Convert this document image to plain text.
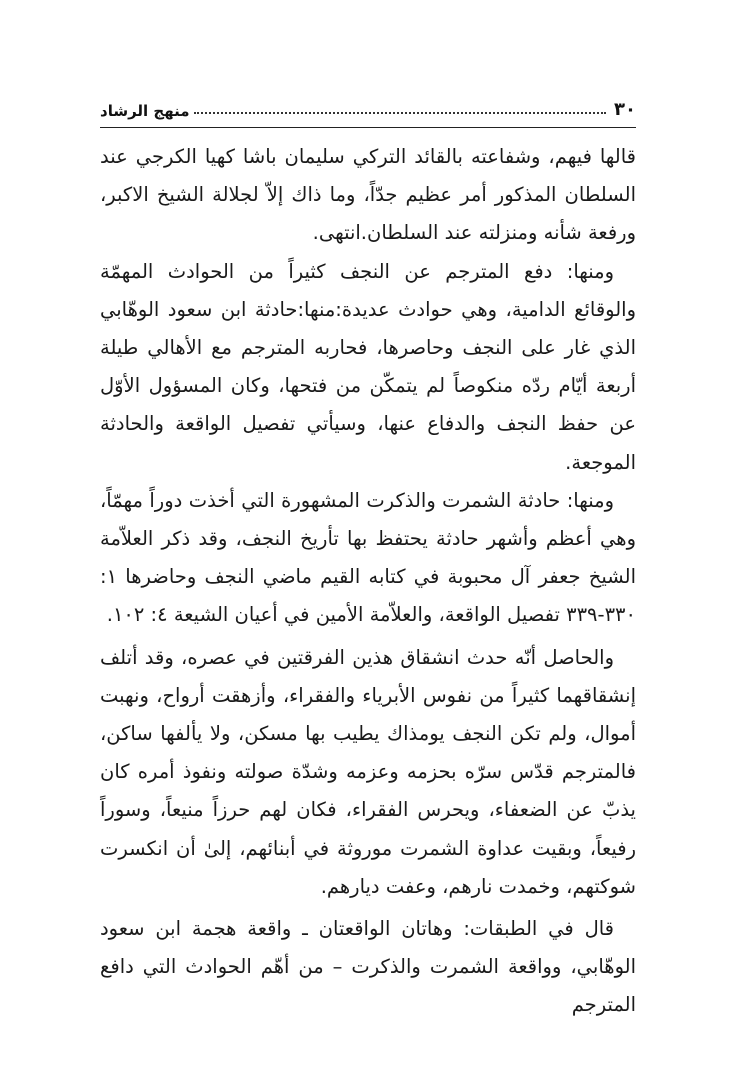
٣٠
منهج الرشاد

قالها فيهم، وشفاعته بالقائد التركي سليمان باشا كهيا الكرجي عند السلطان المذكور أمر عظيم جدّاً، وما ذاك إلاّ لجلالة الشيخ الاكبر، ورفعة شأنه ومنزلته عند السلطان.انتهى.

ومنها: دفع المترجم عن النجف كثيراً من الحوادث المهمّة والوقائع الدامية، وهي حوادث عديدة:منها:حادثة ابن سعود الوهّابي الذي غار على النجف وحاصرها، فحاربه المترجم مع الأهالي طيلة أربعة أيّام ردّه منكوصاً لم يتمكّن من فتحها، وكان المسؤول الأوّل عن حفظ النجف والدفاع عنها، وسيأتي تفصيل الواقعة والحادثة الموجعة.

ومنها: حادثة الشمرت والذكرت المشهورة التي أخذت دوراً مهمّاً، وهي أعظم وأشهر حادثة يحتفظ بها تأريخ النجف، وقد ذكر العلاّمة الشيخ جعفر آل محبوبة في كتابه القيم ماضي النجف وحاضرها ١: ٣٣٠-٣٣٩ تفصيل الواقعة، والعلاّمة الأمين في أعيان الشيعة ٤: ١٠٢.

والحاصل أنّه حدث انشقاق هذين الفرقتين في عصره، وقد أتلف إنشقاقهما كثيراً من نفوس الأبرياء والفقراء، وأزهقت أرواح، ونهبت أموال، ولم تكن النجف يومذاك يطيب بها مسكن، ولا يألفها ساكن، فالمترجم قدّس سرّه بحزمه وعزمه وشدّة صولته ونفوذ أمره كان يذبّ عن الضعفاء، ويحرس الفقراء، فكان لهم حرزاً منيعاً، وسوراً رفيعاً، وبقيت عداوة الشمرت موروثة في أبنائهم، إلىٰ أن انكسرت شوكتهم، وخمدت نارهم، وعفت ديارهم.

قال في الطبقات: وهاتان الواقعتان ـ واقعة هجمة ابن سعود الوهّابي، وواقعة الشمرت والذكرت – من أهّم الحوادث التي دافع المترجم
